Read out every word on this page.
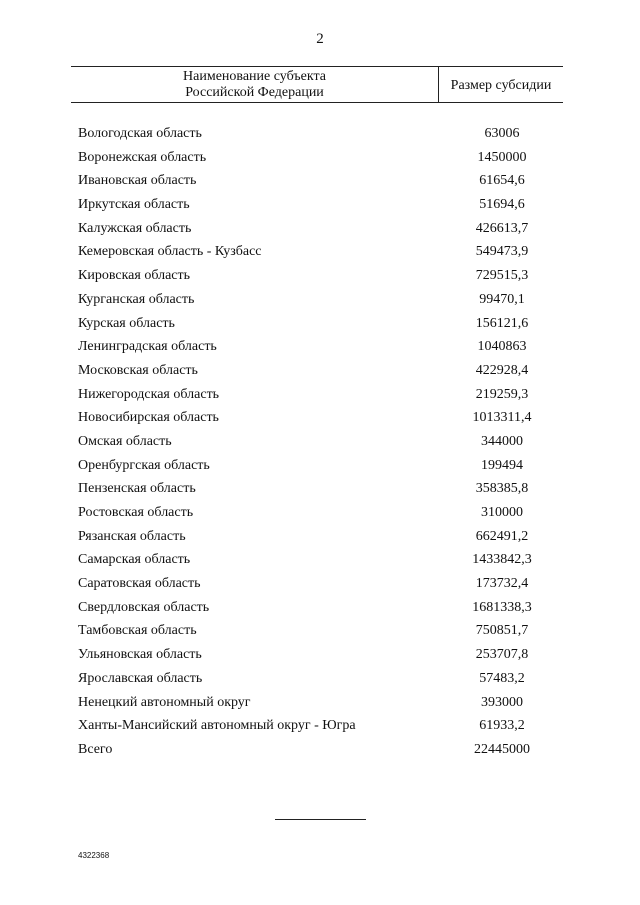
2
Наименование субъекта
Российской Федерации	Размер субсидии
Вологодская область	63006
Воронежская область	1450000
Ивановская область	61654,6
Иркутская область	51694,6
Калужская область	426613,7
Кемеровская область - Кузбасс	549473,9
Кировская область	729515,3
Курганская область	99470,1
Курская область	156121,6
Ленинградская область	1040863
Московская область	422928,4
Нижегородская область	219259,3
Новосибирская область	1013311,4
Омская область	344000
Оренбургская область	199494
Пензенская область	358385,8
Ростовская область	310000
Рязанская область	662491,2
Самарская область	1433842,3
Саратовская область	173732,4
Свердловская область	1681338,3
Тамбовская область	750851,7
Ульяновская область	253707,8
Ярославская область	57483,2
Ненецкий автономный округ	393000
Ханты-Мансийский автономный округ - Югра	61933,2
Всего	22445000
4322368
